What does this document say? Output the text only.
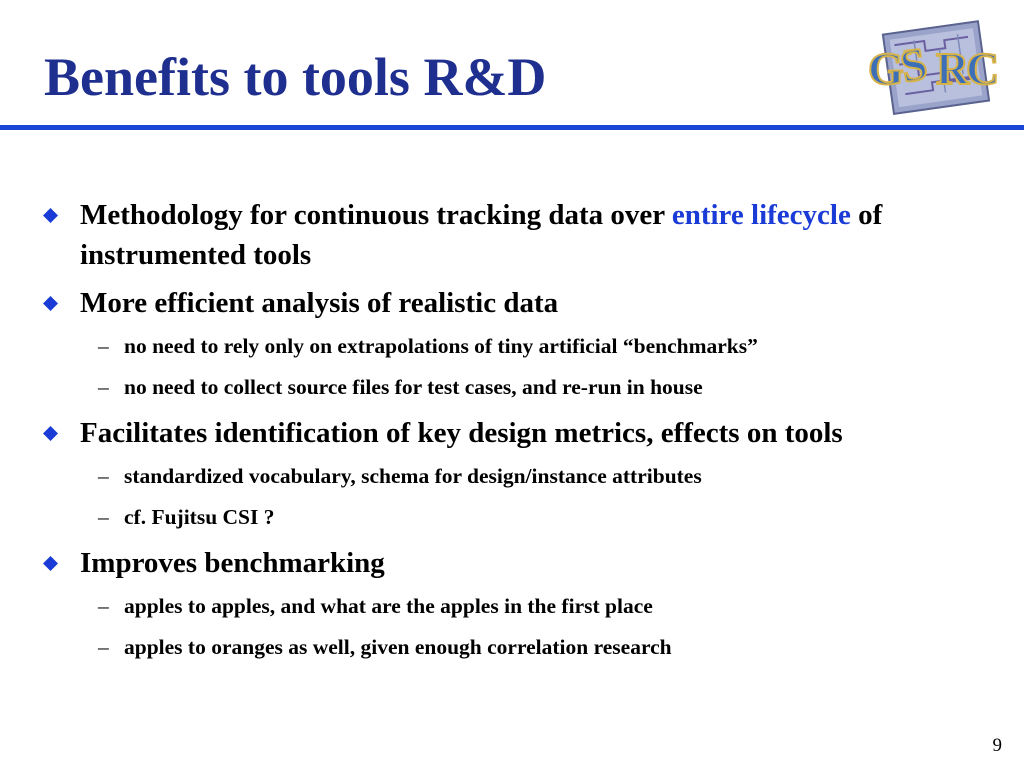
Benefits to tools R&D	G
S R
C
Methodology for continuous tracking data over entire lifecycle of instrumented tools
More efficient analysis of realistic data
– no need to rely only on extrapolations of tiny artificial “benchmarks”
– no need to collect source files for test cases, and re-run in house
Facilitates identification of key design metrics, effects on tools
– standardized vocabulary, schema for design/instance attributes
– cf. Fujitsu CSI ?
Improves benchmarking
– apples to apples, and what are the apples in the first place
– apples to oranges as well, given enough correlation research
9
